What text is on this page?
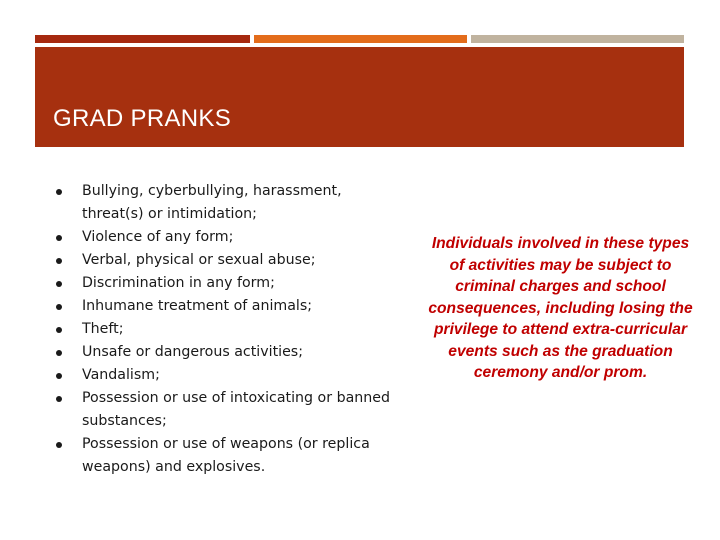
GRAD PRANKS
Bullying, cyberbullying, harassment, threat(s) or intimidation;
Violence of any form;
Verbal, physical or sexual abuse;
Discrimination in any form;
Inhumane treatment of animals;
Theft;
Unsafe or dangerous activities;
Vandalism;
Possession or use of intoxicating or banned substances;
Possession or use of weapons (or replica weapons) and explosives.

Individuals involved in these types of activities may be subject to criminal charges and school consequences, including losing the privilege to attend extra-curricular events such as the graduation ceremony and/or prom.
